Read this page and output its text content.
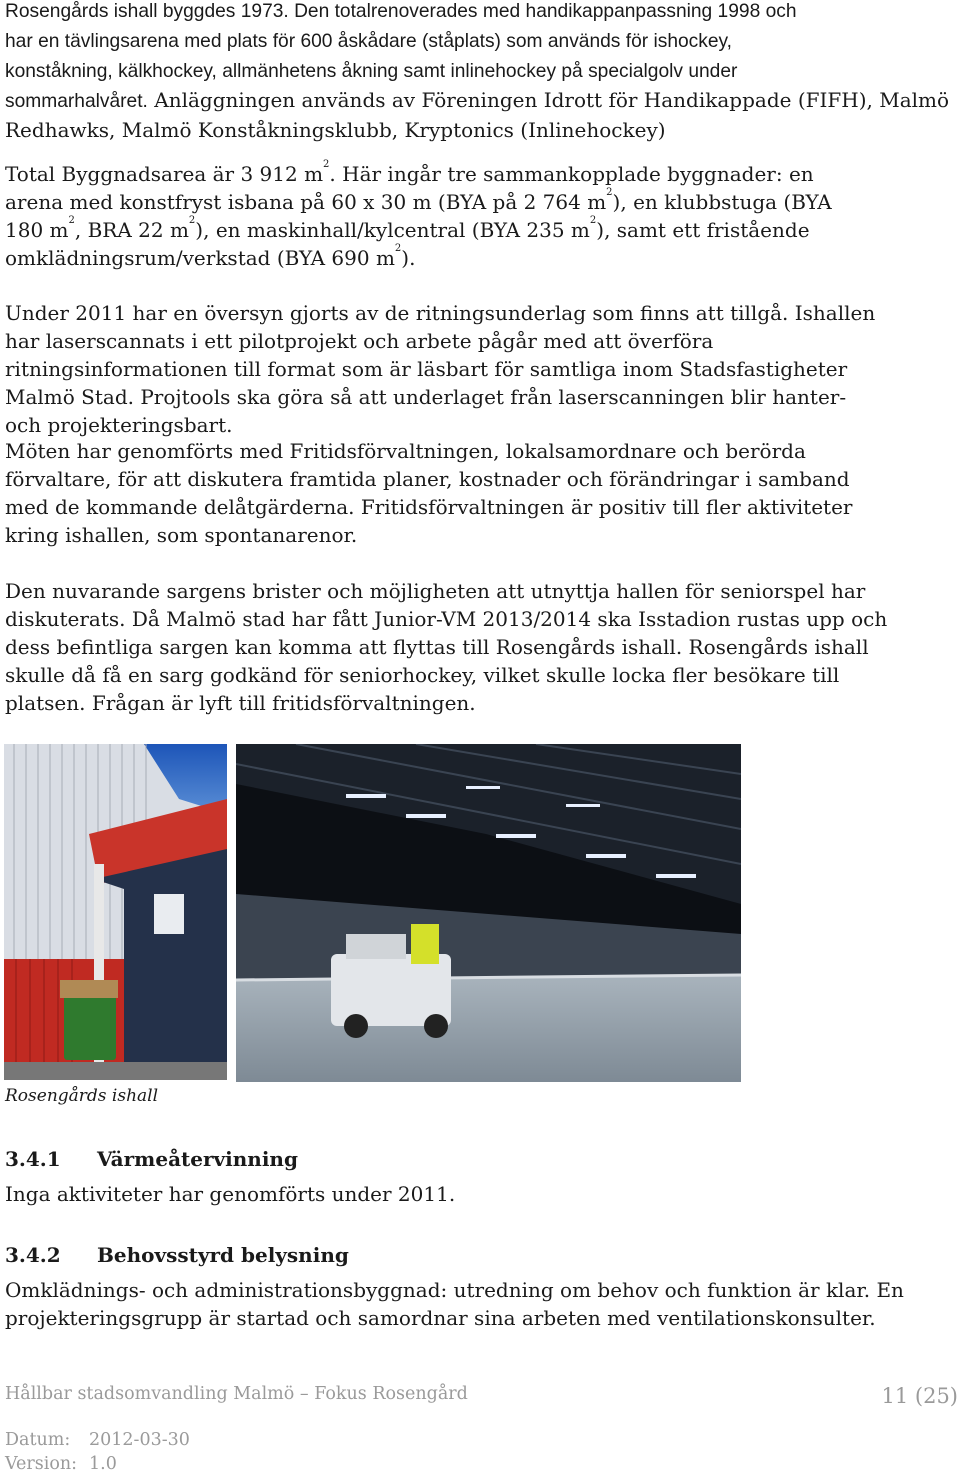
Rosengårds ishall byggdes 1973. Den totalrenoverades med handikappanpassning 1998 och
har en tävlingsarena med plats för 600 åskådare (ståplats) som används för ishockey,
konståkning, kälkhockey, allmänhetens åkning samt inlinehockey på specialgolv under
sommarhalvåret. Anläggningen används av Föreningen Idrott för Handikappade (FIFH), Malmö Redhawks, Malmö Konståkningsklubb, Kryptonics (Inlinehockey)

Total Byggnadsarea är 3 912 $m^2$. Här ingår tre sammankopplade byggnader: en arena med konstfryst isbana på 60 x 30 m (BYA på 2 764 $m^2$), en klubbstuga (BYA 180 $m^2$, BRA 22 $m^2$), en maskinhall/kylcentral (BYA 235 $m^2$), samt ett fristående omklädningsrum/verkstad (BYA 690 $m^2$).

Under 2011 har en översyn gjorts av de ritningsunderlag som finns att tillgå. Ishallen har laserscannats i ett pilotprojekt och arbete pågår med att överföra ritningsinformationen till format som är läsbart för samtliga inom Stadsfastigheter Malmö Stad. Projtools ska göra så att underlaget från laserscanningen blir hanter- och projekteringsbart.

Möten har genomförts med Fritidsförvaltningen, lokalsamordnare och berörda förvaltare, för att diskutera framtida planer, kostnader och förändringar i samband med de kommande delåtgärderna. Fritidsförvaltningen är positiv till fler aktiviteter kring ishallen, som spontanarenor.

Den nuvarande sargens brister och möjligheten att utnyttja hallen för seniorspel har diskuterats. Då Malmö stad har fått Junior-VM 2013/2014 ska Isstadion rustas upp och dess befintliga sargen kan komma att flyttas till Rosengårds ishall. Rosengårds ishall skulle då få en sarg godkänd för seniorhockey, vilket skulle locka fler besökare till platsen. Frågan är lyft till fritidsförvaltningen.

Rosengårds ishall
3.4.1 Värmeåtervinning

Inga aktiviteter har genomförts under 2011.

3.4.2 Behovsstyrd belysning

Omklädnings- och administrationsbyggnad: utredning om behov och funktion är klar. En projekteringsgrupp är startad och samordnar sina arbeten med ventilationskonsulter.

Hållbar stadsomvandling Malmö – Fokus Rosengård	11 (25)
Datum: 2012-03-30
Version: 1.0
